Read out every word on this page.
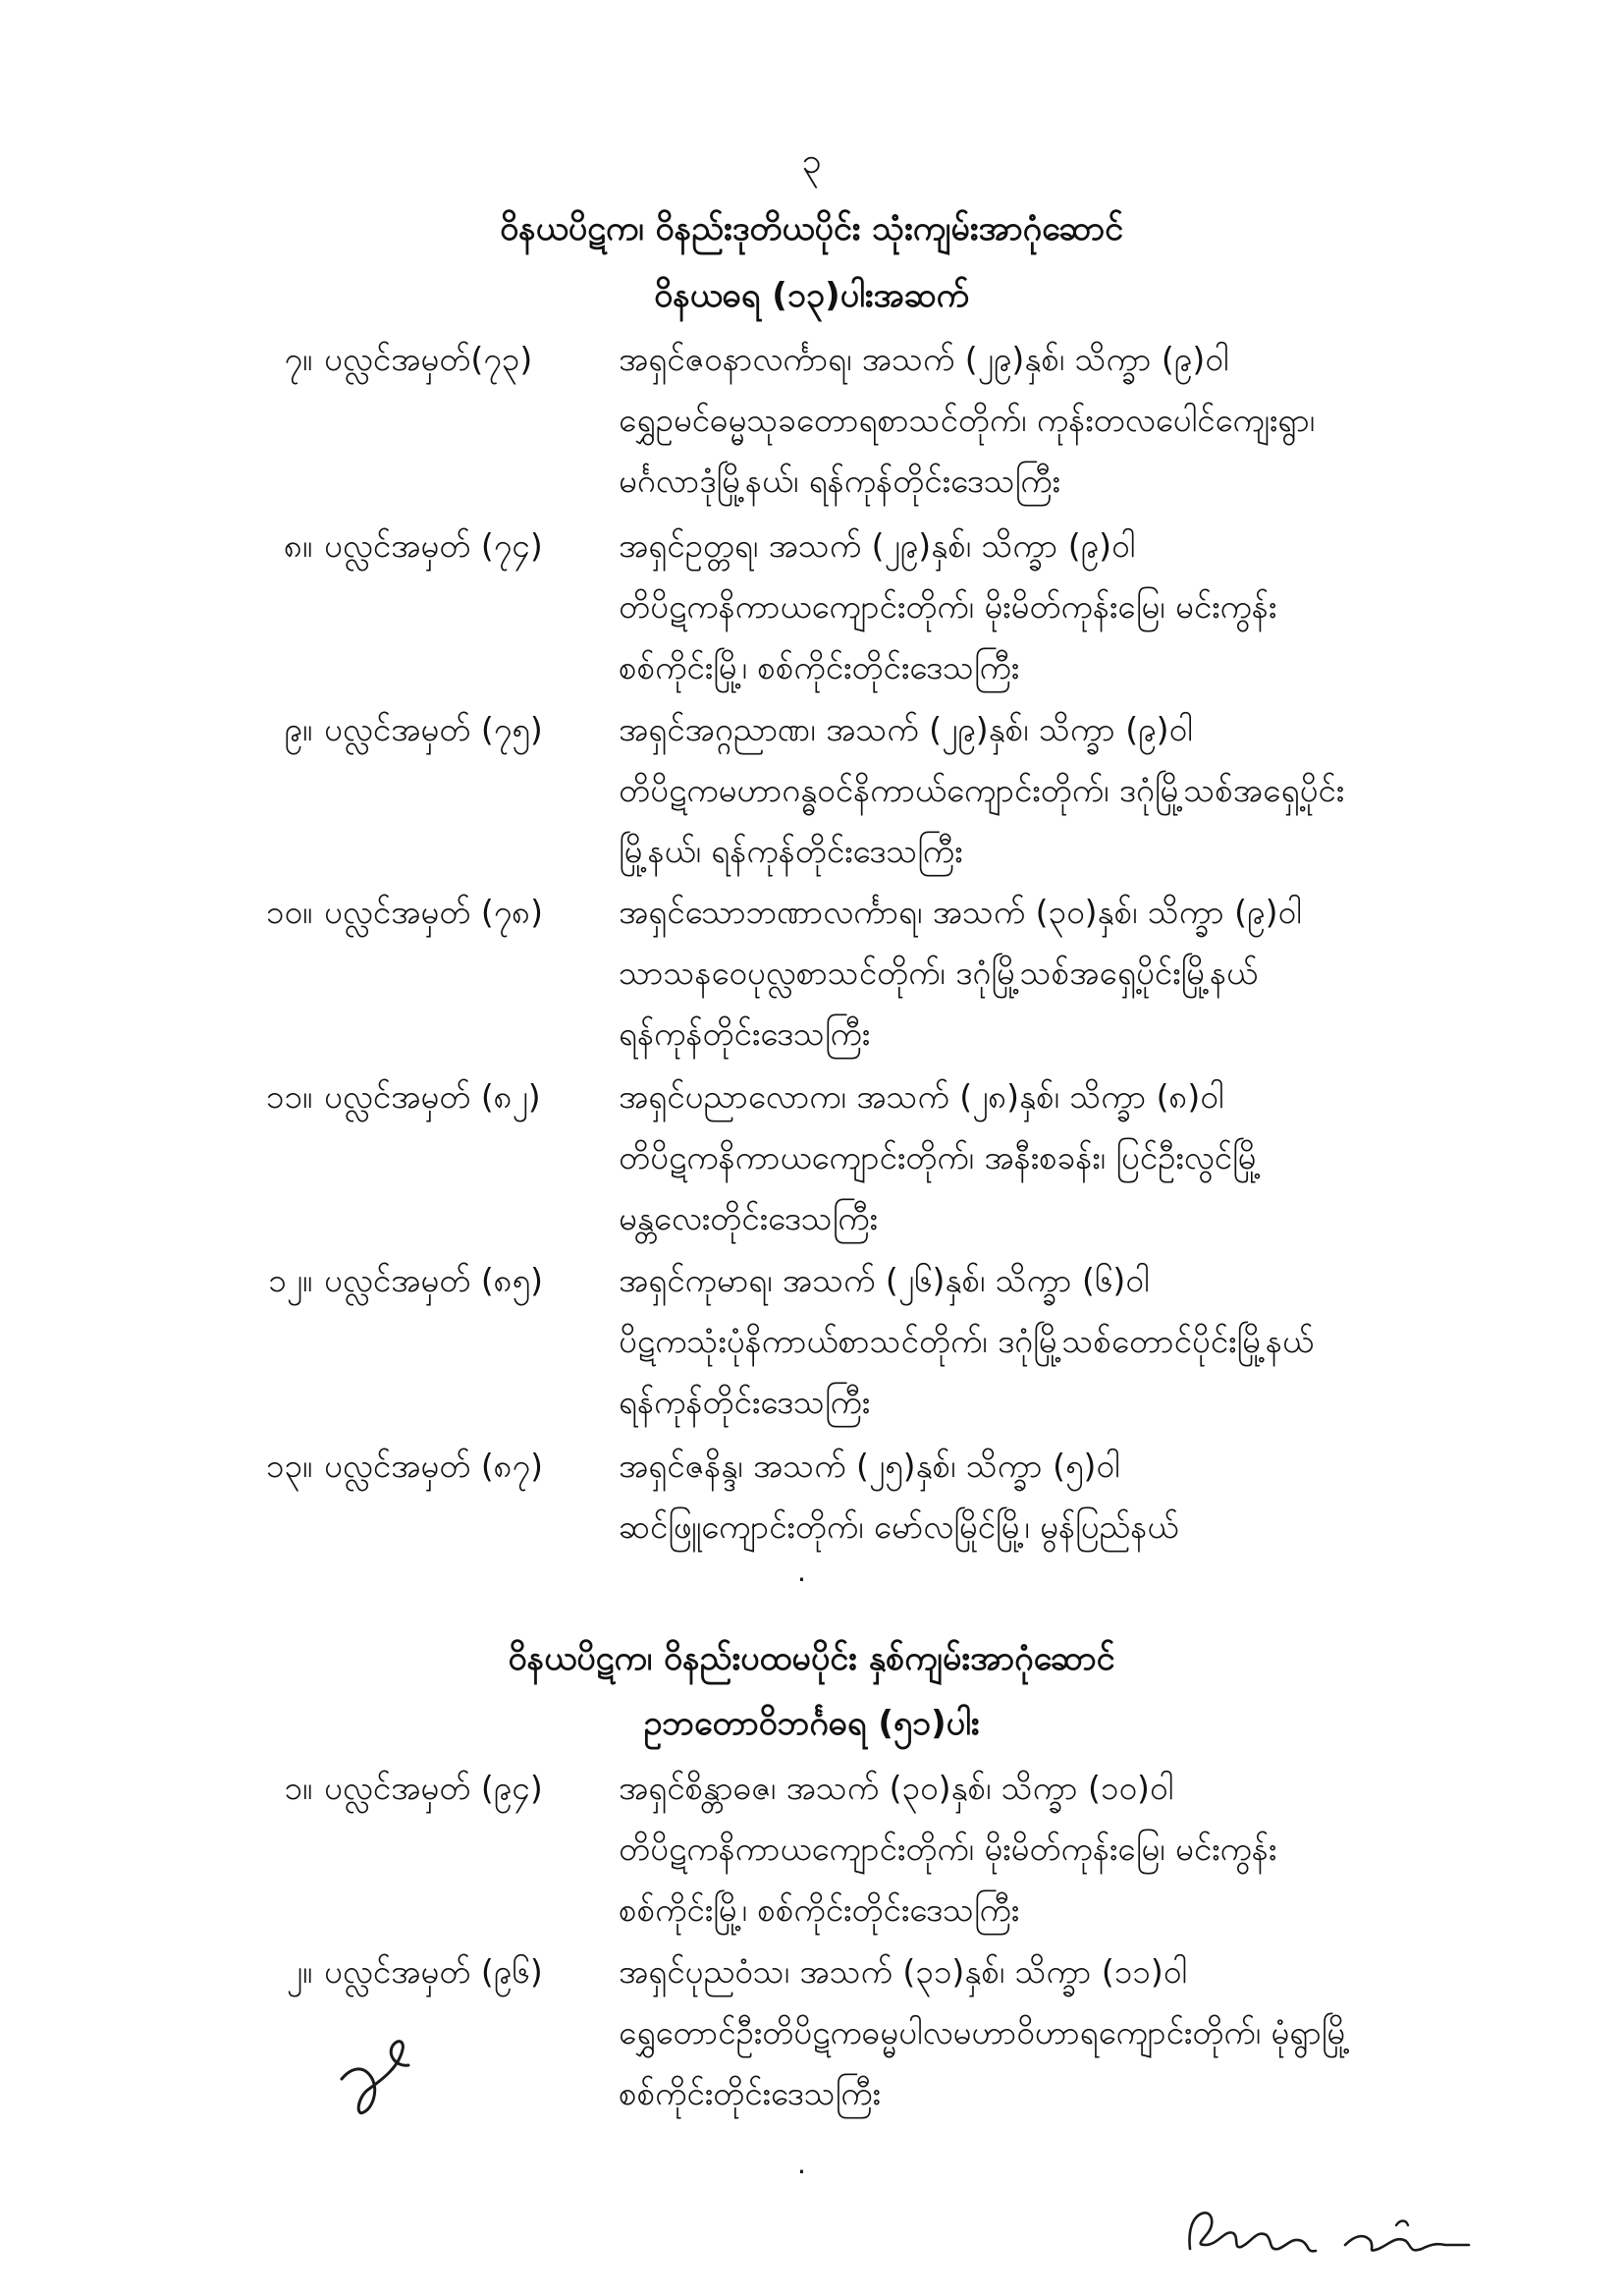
၃
ဝိနယပိဋက၊ ဝိနည်းဒုတိယပိုင်း သုံးကျမ်းအာဂုံဆောင်
ဝိနယဓရ (၁၃)ပါးအဆက်
၇။ ပလ္လင်အမှတ်(၇၃)	အရှင်ဇဝနာလင်္ကာရ၊ အသက် (၂၉)နှစ်၊ သိက္ခာ (၉)ဝါ
ရွှေဥမင်ဓမ္မသုခတောရစာသင်တိုက်၊ ကုန်းတလပေါင်ကျေးရွာ၊
မင်္ဂလာဒုံမြို့နယ်၊ ရန်ကုန်တိုင်းဒေသကြီး
၈။ ပလ္လင်အမှတ် (၇၄) အရှင်ဥတ္တရ၊ အသက် (၂၉)နှစ်၊ သိက္ခာ (၉)ဝါ
တိပိဋကနိကာယကျောင်းတိုက်၊ မိုးမိတ်ကုန်းမြေ၊ မင်းကွန်း
စစ်ကိုင်းမြို့၊ စစ်ကိုင်းတိုင်းဒေသကြီး
၉။ ပလ္လင်အမှတ် (၇၅) အရှင်အဂ္ဂညာဏ၊ အသက် (၂၉)နှစ်၊ သိက္ခာ (၉)ဝါ
တိပိဋကမဟာဂန္ဓဝင်နိကာယ်ကျောင်းတိုက်၊ ဒဂုံမြို့သစ်အရှေ့ပိုင်း
မြို့နယ်၊ ရန်ကုန်တိုင်းဒေသကြီး
၁၀။ ပလ္လင်အမှတ် (၇၈) အရှင်သောဘဏာလင်္ကာရ၊ အသက် (၃၀)နှစ်၊ သိက္ခာ (၉)ဝါ
သာသနဝေပုလ္လစာသင်တိုက်၊ ဒဂုံမြို့သစ်အရှေ့ပိုင်းမြို့နယ်
ရန်ကုန်တိုင်းဒေသကြီး
၁၁။ ပလ္လင်အမှတ် (၈၂) အရှင်ပညာလောက၊ အသက် (၂၈)နှစ်၊ သိက္ခာ (၈)ဝါ
တိပိဋကနိကာယကျောင်းတိုက်၊ အနီးစခန်း၊ ပြင်ဦးလွင်မြို့
မန္တလေးတိုင်းဒေသကြီး
၁၂။ ပလ္လင်အမှတ် (၈၅) အရှင်ကုမာရ၊ အသက် (၂၆)နှစ်၊ သိက္ခာ (၆)ဝါ
ပိဋကသုံးပုံနိကာယ်စာသင်တိုက်၊ ဒဂုံမြို့သစ်တောင်ပိုင်းမြို့နယ်
ရန်ကုန်တိုင်းဒေသကြီး
၁၃။ ပလ္လင်အမှတ် (၈၇) အရှင်ဇနိန္ဒ၊ အသက် (၂၅)နှစ်၊ သိက္ခာ (၅)ဝါ
ဆင်ဖြူကျောင်းတိုက်၊ မော်လမြိုင်မြို့၊ မွန်ပြည်နယ်
·
ဝိနယပိဋက၊ ဝိနည်းပထမပိုင်း နှစ်ကျမ်းအာဂုံဆောင်
ဥဘတောဝိဘင်္ဂဓရ (၅၁)ပါး
၁။ ပလ္လင်အမှတ် (၉၄) အရှင်စိန္တာဓဇ၊ အသက် (၃၀)နှစ်၊ သိက္ခာ (၁၀)ဝါ
တိပိဋကနိကာယကျောင်းတိုက်၊ မိုးမိတ်ကုန်းမြေ၊ မင်းကွန်း
စစ်ကိုင်းမြို့၊ စစ်ကိုင်းတိုင်းဒေသကြီး
၂။ ပလ္လင်အမှတ် (၉၆) အရှင်ပုညဝံသ၊ အသက် (၃၁)နှစ်၊ သိက္ခာ (၁၁)ဝါ
ရွှေတောင်ဦးတိပိဋကဓမ္မပါလမဟာဝိဟာရကျောင်းတိုက်၊ မုံရွာမြို့
စစ်ကိုင်းတိုင်းဒေသကြီး
·
